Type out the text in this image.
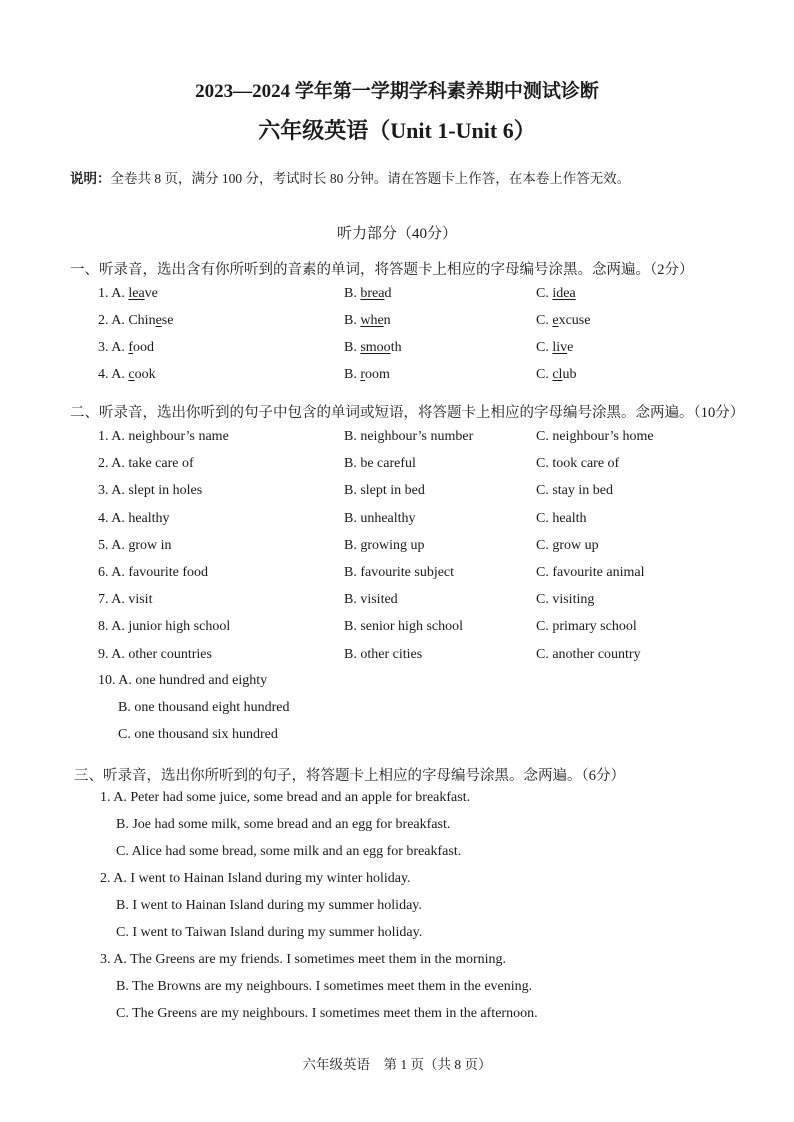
2023—2024 学年第一学期学科素养期中测试诊断
六年级英语（Unit 1-Unit 6）
说明：全卷共 8 页，满分 100 分，考试时长 80 分钟。请在答题卡上作答，在本卷上作答无效。
听力部分（40分）
一、听录音，选出含有你所听到的音素的单词，将答题卡上相应的字母编号涂黑。念两遍。（2分）
1. A. leave	B. bread	C. idea
2. A. Chinese	B. when	C. excuse
3. A. food	B. smooth	C. live
4. A. cook	B. room	C. club
二、听录音，选出你听到的句子中包含的单词或短语，将答题卡上相应的字母编号涂黑。念两遍。（10分）
1. A. neighbour’s name	B. neighbour’s number	C. neighbour’s home
2. A. take care of	B. be careful	C. took care of
3. A. slept in holes	B. slept in bed	C. stay in bed
4. A. healthy	B. unhealthy	C. health
5. A. grow in	B. growing up	C. grow up
6. A. favourite food	B. favourite subject	C. favourite animal
7. A. visit	B. visited	C. visiting
8. A. junior high school	B. senior high school	C. primary school
9. A. other countries	B. other cities	C. another country
10. A. one hundred and eighty
B. one thousand eight hundred
C. one thousand six hundred
三、听录音，选出你所听到的句子，将答题卡上相应的字母编号涂黑。念两遍。（6分）
1. A. Peter had some juice, some bread and an apple for breakfast.
B. Joe had some milk, some bread and an egg for breakfast.
C. Alice had some bread, some milk and an egg for breakfast.
2. A. I went to Hainan Island during my winter holiday.
B. I went to Hainan Island during my summer holiday.
C. I went to Taiwan Island during my summer holiday.
3. A. The Greens are my friends. I sometimes meet them in the morning.
B. The Browns are my neighbours. I sometimes meet them in the evening.
C. The Greens are my neighbours. I sometimes meet them in the afternoon.
六年级英语　第 1 页（共 8 页）
